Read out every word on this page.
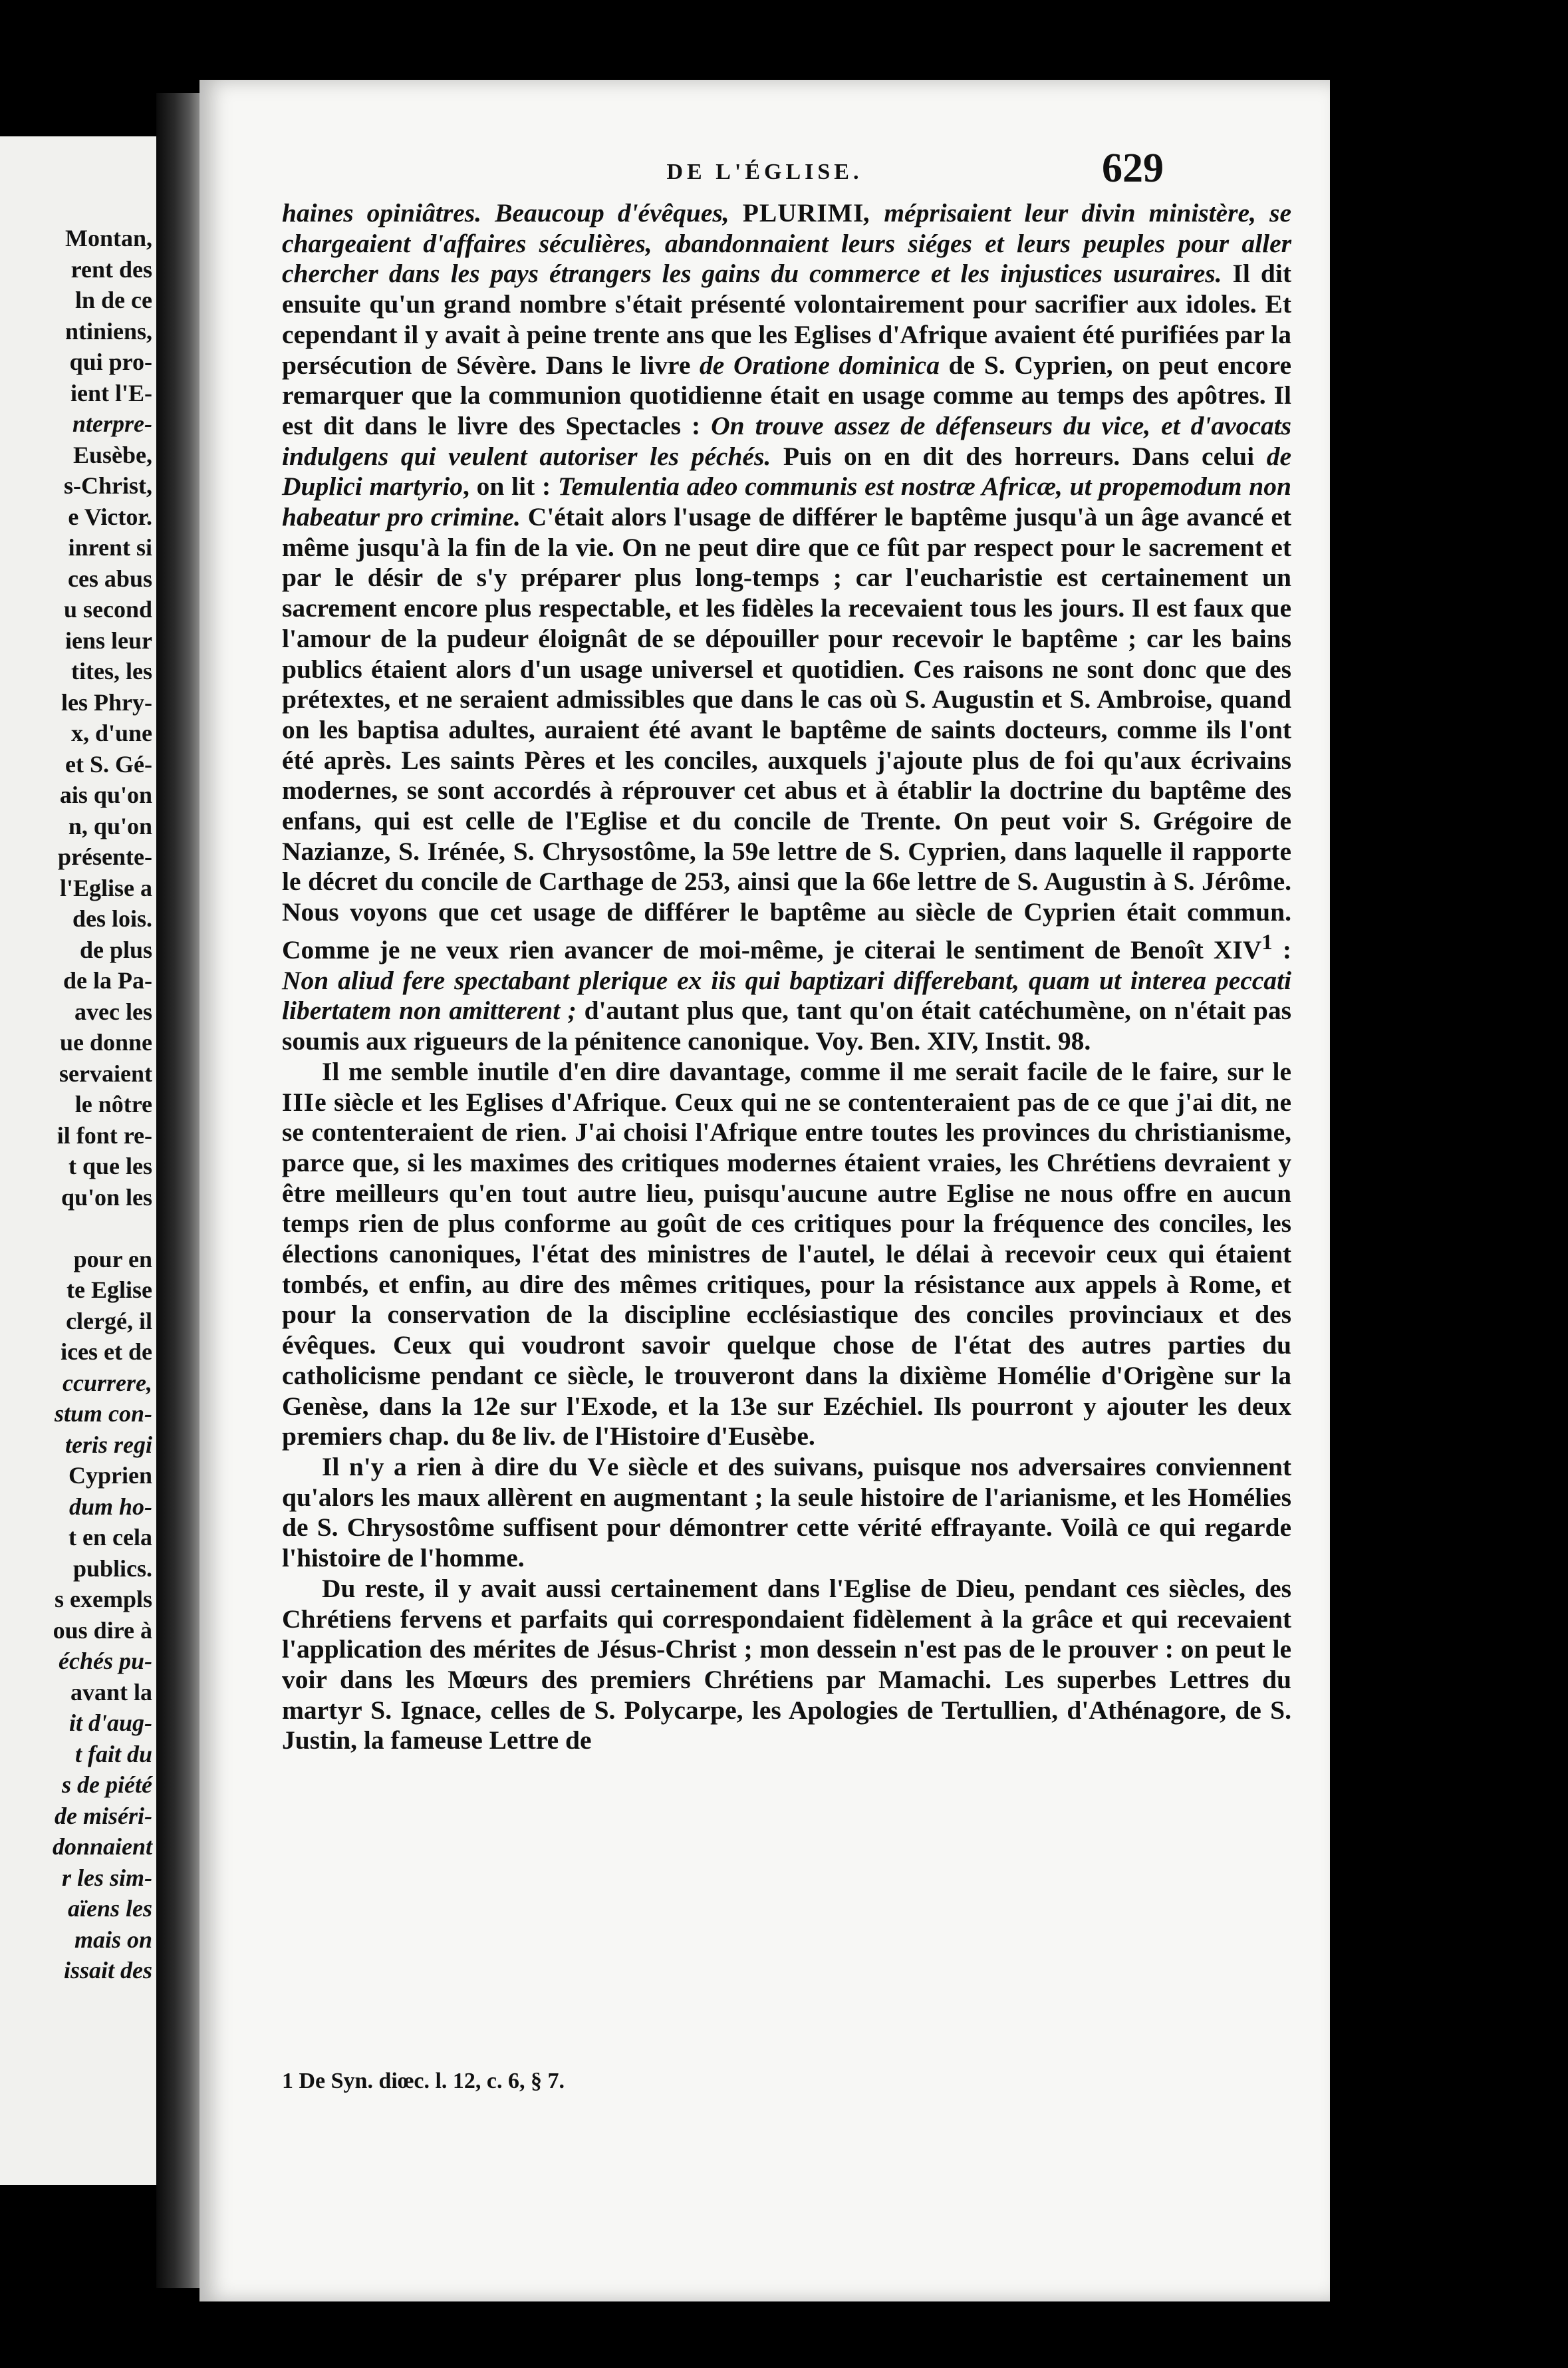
Montan,
rent des
ln de ce
ntiniens,
qui pro-
ient l'E-
nterpre-
Eusèbe,
s-Christ,
e Victor.
inrent si
ces abus
u second
iens leur
tites, les
les Phry-
x, d'une
et S. Gé-
ais qu'on
n, qu'on
présente-
l'Eglise a
des lois.
de plus
de la Pa-
avec les
ue donne
servaient
le nôtre
il font re-
t que les
qu'on les
pour en
te Eglise
clergé, il
ices et de
ccurrere,
stum con-
teris regi
Cyprien
dum ho-
t en cela
publics.
s exempls
ous dire à
échés pu-
avant la
it d'aug-
t fait du
s de piété
de miséri-
donnaient
r les sim-
aïens les
mais on
issait des
DE L'ÉGLISE.	629

haines opiniâtres. Beaucoup d'évêques, PLURIMI, méprisaient leur divin ministère, se chargeaient d'affaires séculières, abandonnaient leurs siéges et leurs peuples pour aller chercher dans les pays étrangers les gains du commerce et les injustices usuraires. Il dit ensuite qu'un grand nombre s'était présenté volontairement pour sacrifier aux idoles. Et cependant il y avait à peine trente ans que les Eglises d'Afrique avaient été purifiées par la persécution de Sévère. Dans le livre de Oratione dominica de S. Cyprien, on peut encore remarquer que la communion quotidienne était en usage comme au temps des apôtres. Il est dit dans le livre des Spectacles : On trouve assez de défenseurs du vice, et d'avocats indulgens qui veulent autoriser les péchés. Puis on en dit des horreurs. Dans celui de Duplici martyrio, on lit : Temulentia adeo communis est nostræ Africæ, ut propemodum non habeatur pro crimine. C'était alors l'usage de différer le baptême jusqu'à un âge avancé et même jusqu'à la fin de la vie. On ne peut dire que ce fût par respect pour le sacrement et par le désir de s'y préparer plus long-temps ; car l'eucharistie est certainement un sacrement encore plus respectable, et les fidèles la recevaient tous les jours. Il est faux que l'amour de la pudeur éloignât de se dépouiller pour recevoir le baptême ; car les bains publics étaient alors d'un usage universel et quotidien. Ces raisons ne sont donc que des prétextes, et ne seraient admissibles que dans le cas où S. Augustin et S. Ambroise, quand on les baptisa adultes, auraient été avant le baptême de saints docteurs, comme ils l'ont été après. Les saints Pères et les conciles, auxquels j'ajoute plus de foi qu'aux écrivains modernes, se sont accordés à réprouver cet abus et à établir la doctrine du baptême des enfans, qui est celle de l'Eglise et du concile de Trente. On peut voir S. Grégoire de Nazianze, S. Irénée, S. Chrysostôme, la 59e lettre de S. Cyprien, dans laquelle il rapporte le décret du concile de Carthage de 253, ainsi que la 66e lettre de S. Augustin à S. Jérôme. Nous voyons que cet usage de différer le baptême au siècle de Cyprien était commun. Comme je ne veux rien avancer de moi-même, je citerai le sentiment de Benoît XIV$^1$ : Non aliud fere spectabant plerique ex iis qui baptizari differebant, quam ut interea peccati libertatem non amitterent ; d'autant plus que, tant qu'on était catéchumène, on n'était pas soumis aux rigueurs de la pénitence canonique. Voy. Ben. XIV, Instit. 98.

Il me semble inutile d'en dire davantage, comme il me serait facile de le faire, sur le IIIe siècle et les Eglises d'Afrique. Ceux qui ne se contenteraient pas de ce que j'ai dit, ne se contenteraient de rien. J'ai choisi l'Afrique entre toutes les provinces du christianisme, parce que, si les maximes des critiques modernes étaient vraies, les Chrétiens devraient y être meilleurs qu'en tout autre lieu, puisqu'aucune autre Eglise ne nous offre en aucun temps rien de plus conforme au goût de ces critiques pour la fréquence des conciles, les élections canoniques, l'état des ministres de l'autel, le délai à recevoir ceux qui étaient tombés, et enfin, au dire des mêmes critiques, pour la résistance aux appels à Rome, et pour la conservation de la discipline ecclésiastique des conciles provinciaux et des évêques. Ceux qui voudront savoir quelque chose de l'état des autres parties du catholicisme pendant ce siècle, le trouveront dans la dixième Homélie d'Origène sur la Genèse, dans la 12e sur l'Exode, et la 13e sur Ezéchiel. Ils pourront y ajouter les deux premiers chap. du 8e liv. de l'Histoire d'Eusèbe.

Il n'y a rien à dire du Ve siècle et des suivans, puisque nos adversaires conviennent qu'alors les maux allèrent en augmentant ; la seule histoire de l'arianisme, et les Homélies de S. Chrysostôme suffisent pour démontrer cette vérité effrayante. Voilà ce qui regarde l'histoire de l'homme.

Du reste, il y avait aussi certainement dans l'Eglise de Dieu, pendant ces siècles, des Chrétiens fervens et parfaits qui correspondaient fidèlement à la grâce et qui recevaient l'application des mérites de Jésus-Christ ; mon dessein n'est pas de le prouver : on peut le voir dans les Mœurs des premiers Chrétiens par Mamachi. Les superbes Lettres du martyr S. Ignace, celles de S. Polycarpe, les Apologies de Tertullien, d'Athénagore, de S. Justin, la fameuse Lettre de

1 De Syn. diœc. l. 12, c. 6, § 7.
